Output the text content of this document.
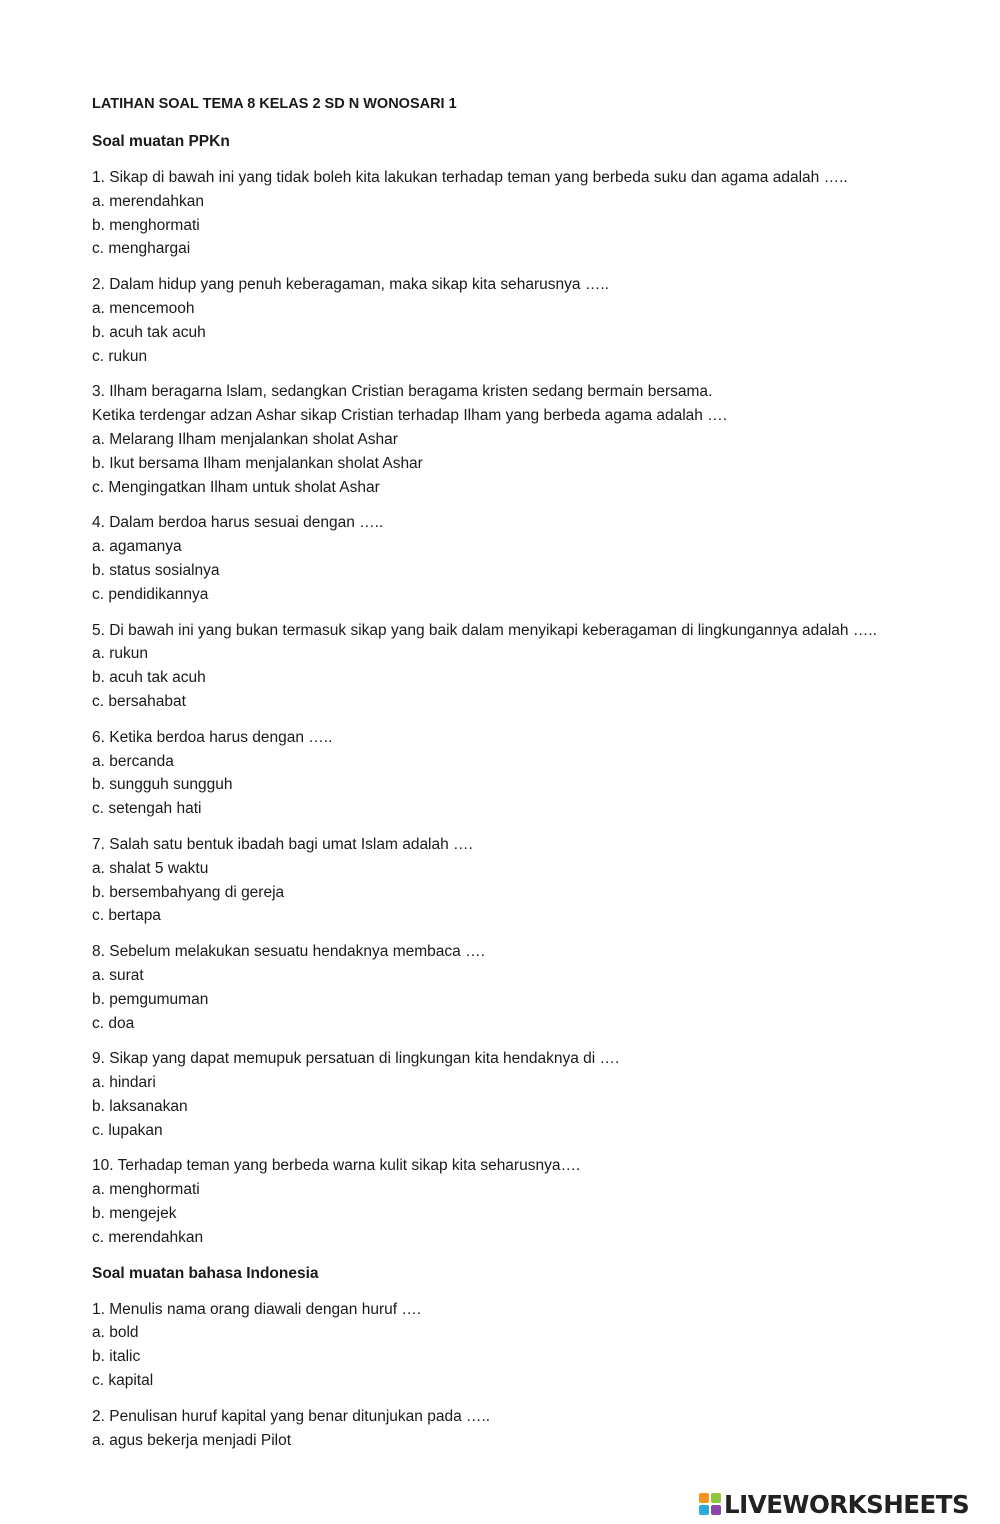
LATIHAN SOAL TEMA 8 KELAS 2 SD N WONOSARI 1
Soal muatan PPKn
1. Sikap di bawah ini yang tidak boleh kita lakukan terhadap teman yang berbeda suku dan agama adalah …..
a. merendahkan
b. menghormati
c. menghargai
2. Dalam hidup yang penuh keberagaman, maka sikap kita seharusnya …..
a. mencemooh
b. acuh tak acuh
c. rukun
3. Ilham beragarna lslam, sedangkan Cristian beragama kristen sedang bermain bersama.
Ketika terdengar adzan Ashar sikap Cristian terhadap Ilham yang berbeda agama adalah ….
a. Melarang Ilham menjalankan sholat Ashar
b. Ikut bersama Ilham menjalankan sholat Ashar
c. Mengingatkan Ilham untuk sholat Ashar
4. Dalam berdoa harus sesuai dengan …..
a. agamanya
b. status sosialnya
c. pendidikannya
5. Di bawah ini yang bukan termasuk sikap yang baik dalam menyikapi keberagaman di lingkungannya adalah …..
a. rukun
b. acuh tak acuh
c. bersahabat
6. Ketika berdoa harus dengan …..
a. bercanda
b. sungguh sungguh
c. setengah hati
7. Salah satu bentuk ibadah bagi umat Islam adalah ….
a. shalat 5 waktu
b. bersembahyang di gereja
c. bertapa
8. Sebelum melakukan sesuatu hendaknya membaca ….
a. surat
b. pemgumuman
c. doa
9. Sikap yang dapat memupuk persatuan di lingkungan kita hendaknya di ….
a. hindari
b. laksanakan
c. lupakan
10. Terhadap teman yang berbeda warna kulit sikap kita seharusnya….
a. menghormati
b. mengejek
c. merendahkan
Soal muatan bahasa Indonesia
1. Menulis nama orang diawali dengan huruf ….
a. bold
b. italic
c. kapital
2. Penulisan huruf kapital yang benar ditunjukan pada …..
a. agus bekerja menjadi Pilot
LIVEWORKSHEETS
